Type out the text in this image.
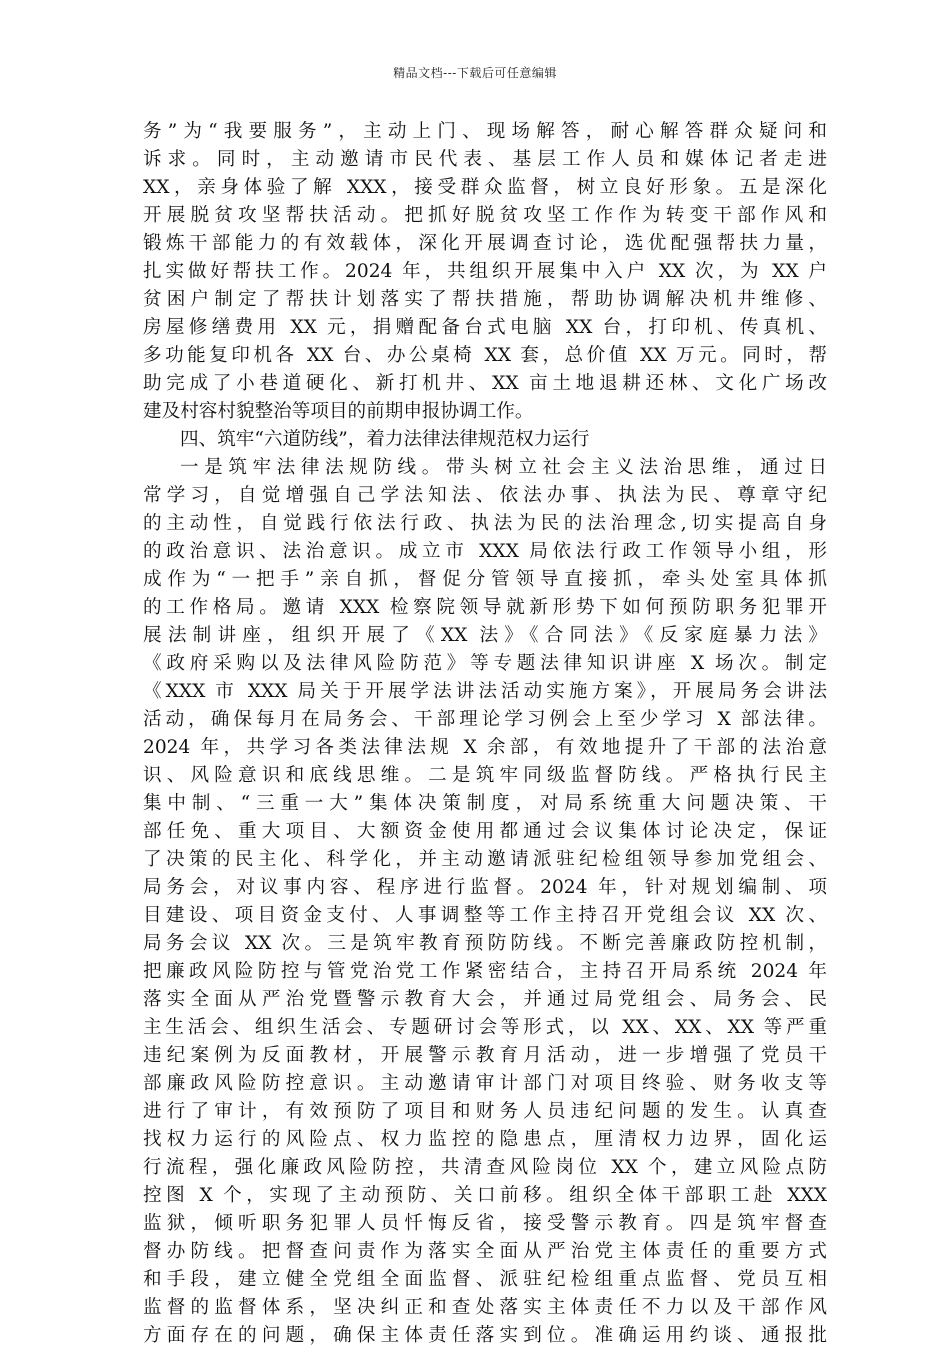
精品文档---下载后可任意编辑
务”为“我要服务”，主动上门、现场解答，耐心解答群众疑问和
诉求。同时，主动邀请市民代表、基层工作人员和媒体记者走进
XX，亲身体验了解 XXX，接受群众监督，树立良好形象。五是深化
开展脱贫攻坚帮扶活动。把抓好脱贫攻坚工作作为转变干部作风和
锻炼干部能力的有效载体，深化开展调查讨论，选优配强帮扶力量，
扎实做好帮扶工作。2024 年，共组织开展集中入户 XX 次，为 XX 户
贫困户制定了帮扶计划落实了帮扶措施，帮助协调解决机井维修、
房屋修缮费用 XX 元，捐赠配备台式电脑 XX 台，打印机、传真机、
多功能复印机各 XX 台、办公桌椅 XX 套，总价值 XX 万元。同时，帮
助完成了小巷道硬化、新打机井、XX 亩土地退耕还林、文化广场改
建及村容村貌整治等项目的前期申报协调工作。
四、筑牢“六道防线”，着力法律法律规范权力运行
一是筑牢法律法规防线。带头树立社会主义法治思维，通过日
常学习，自觉增强自己学法知法、依法办事、执法为民、尊章守纪
的主动性，自觉践行依法行政、执法为民的法治理念,切实提高自身
的政治意识、法治意识。成立市 XXX 局依法行政工作领导小组，形
成作为“一把手”亲自抓，督促分管领导直接抓，牵头处室具体抓
的工作格局。邀请 XXX 检察院领导就新形势下如何预防职务犯罪开
展法制讲座，组织开展了《XX 法》《合同法》《反家庭暴力法》
《政府采购以及法律风险防范》等专题法律知识讲座 X 场次。制定
《XXX 市 XXX 局关于开展学法讲法活动实施方案》，开展局务会讲法
活动，确保每月在局务会、干部理论学习例会上至少学习 X 部法律。
2024 年，共学习各类法律法规 X 余部，有效地提升了干部的法治意
识、风险意识和底线思维。二是筑牢同级监督防线。严格执行民主
集中制、“三重一大”集体决策制度，对局系统重大问题决策、干
部任免、重大项目、大额资金使用都通过会议集体讨论决定，保证
了决策的民主化、科学化，并主动邀请派驻纪检组领导参加党组会、
局务会，对议事内容、程序进行监督。2024 年，针对规划编制、项
目建设、项目资金支付、人事调整等工作主持召开党组会议 XX 次、
局务会议 XX 次。三是筑牢教育预防防线。不断完善廉政防控机制，
把廉政风险防控与管党治党工作紧密结合，主持召开局系统 2024 年
落实全面从严治党暨警示教育大会，并通过局党组会、局务会、民
主生活会、组织生活会、专题研讨会等形式，以 XX、XX、XX 等严重
违纪案例为反面教材，开展警示教育月活动，进一步增强了党员干
部廉政风险防控意识。主动邀请审计部门对项目终验、财务收支等
进行了审计，有效预防了项目和财务人员违纪问题的发生。认真查
找权力运行的风险点、权力监控的隐患点，厘清权力边界，固化运
行流程，强化廉政风险防控，共清查风险岗位 XX 个，建立风险点防
控图 X 个，实现了主动预防、关口前移。组织全体干部职工赴 XXX
监狱，倾听职务犯罪人员忏悔反省，接受警示教育。四是筑牢督查
督办防线。把督查问责作为落实全面从严治党主体责任的重要方式
和手段，建立健全党组全面监督、派驻纪检组重点监督、党员互相
监督的监督体系，坚决纠正和查处落实主体责任不力以及干部作风
方面存在的问题，确保主体责任落实到位。准确运用约谈、通报批
